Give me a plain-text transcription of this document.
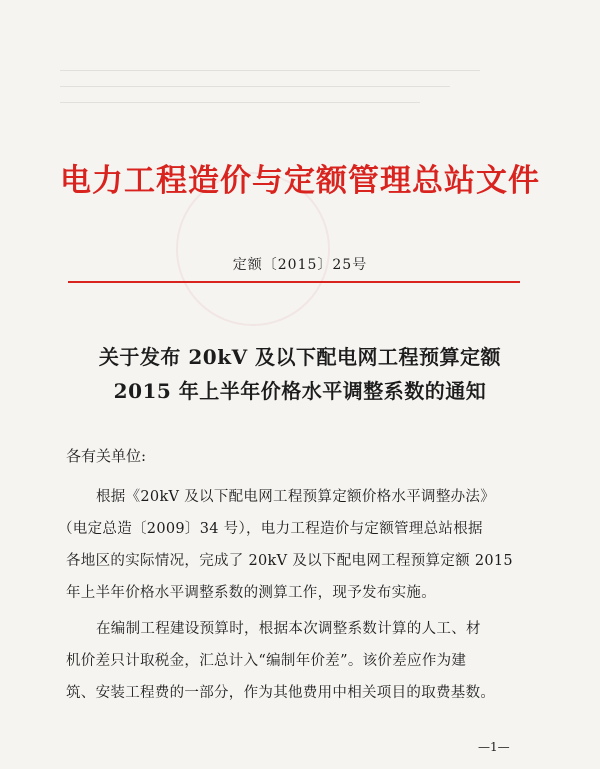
电力工程造价与定额管理总站文件
定额〔2015〕25号
关于发布 20kV 及以下配电网工程预算定额
2015 年上半年价格水平调整系数的通知
各有关单位:
根据《20kV 及以下配电网工程预算定额价格水平调整办法》
（电定总造〔2009〕34 号），电力工程造价与定额管理总站根据
各地区的实际情况，完成了 20kV 及以下配电网工程预算定额 2015
年上半年价格水平调整系数的测算工作，现予发布实施。
在编制工程建设预算时，根据本次调整系数计算的人工、材
机价差只计取税金，汇总计入“编制年价差”。该价差应作为建
筑、安装工程费的一部分，作为其他费用中相关项目的取费基数。
—1—
